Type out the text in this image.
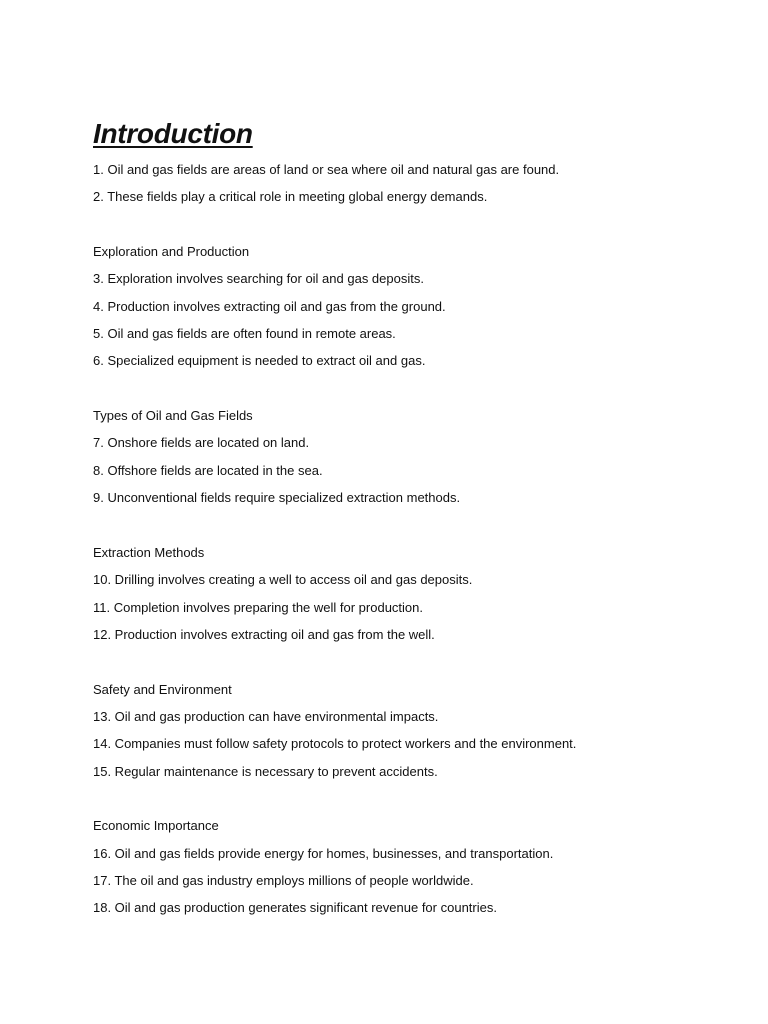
Introduction

1. Oil and gas fields are areas of land or sea where oil and natural gas are found.

2. These fields play a critical role in meeting global energy demands.

Exploration and Production

3. Exploration involves searching for oil and gas deposits.

4. Production involves extracting oil and gas from the ground.

5. Oil and gas fields are often found in remote areas.

6. Specialized equipment is needed to extract oil and gas.

Types of Oil and Gas Fields

7. Onshore fields are located on land.

8. Offshore fields are located in the sea.

9. Unconventional fields require specialized extraction methods.

Extraction Methods

10. Drilling involves creating a well to access oil and gas deposits.

11. Completion involves preparing the well for production.

12. Production involves extracting oil and gas from the well.

Safety and Environment

13. Oil and gas production can have environmental impacts.

14. Companies must follow safety protocols to protect workers and the environment.

15. Regular maintenance is necessary to prevent accidents.

Economic Importance

16. Oil and gas fields provide energy for homes, businesses, and transportation.

17. The oil and gas industry employs millions of people worldwide.

18. Oil and gas production generates significant revenue for countries.
